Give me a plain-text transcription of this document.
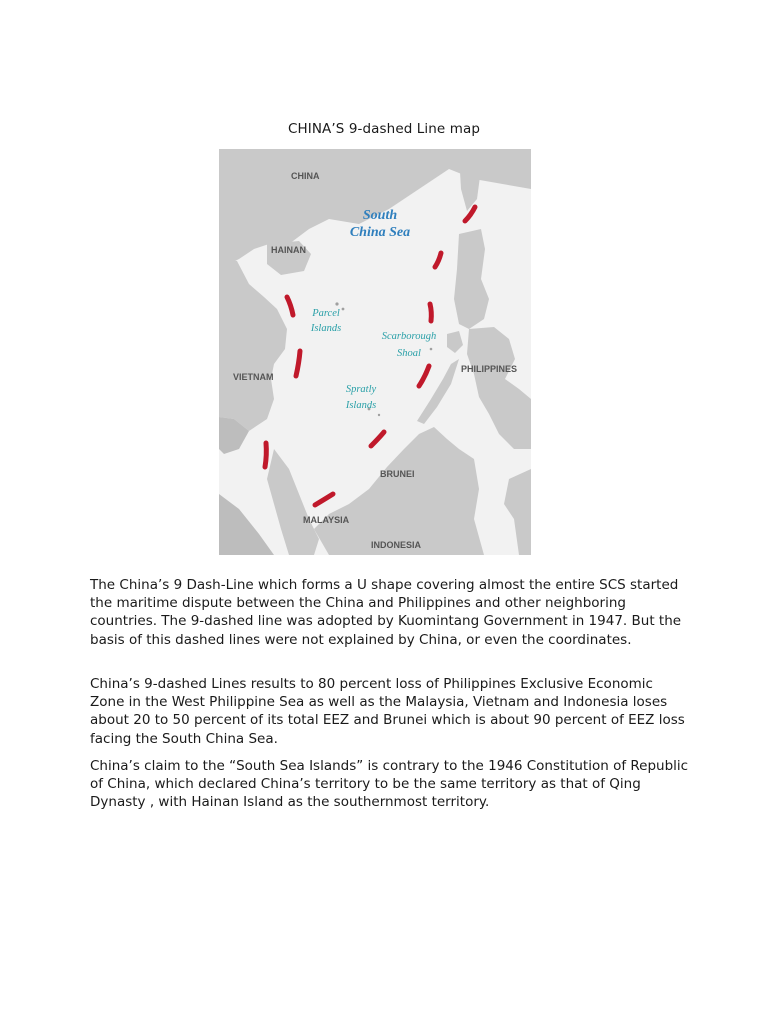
CHINA’S 9-dashed Line map
CHINA
HAINAN
VIETNAM
PHILIPPINES
BRUNEI
MALAYSIA
INDONESIA
South
China Sea
Parcel
Islands
Scarborough
Shoal
Spratly
Islands

The China’s 9 Dash-Line which forms a U shape covering almost the entire SCS started the maritime dispute between the China and Philippines and other neighboring countries. The 9-dashed line was adopted by Kuomintang Government in 1947. But the basis of this dashed lines were not explained by China, or even the coordinates.

China’s 9-dashed Lines results to 80 percent loss of Philippines Exclusive Economic Zone in the West Philippine Sea as well as the Malaysia, Vietnam and Indonesia loses about 20 to 50 percent of its total EEZ and Brunei which is about 90 percent of EEZ loss facing the South China Sea.

China’s claim to the “South Sea Islands” is contrary to the 1946 Constitution of Republic of China, which declared China’s territory to be the same territory as that of Qing Dynasty , with Hainan Island as the southernmost territory.
